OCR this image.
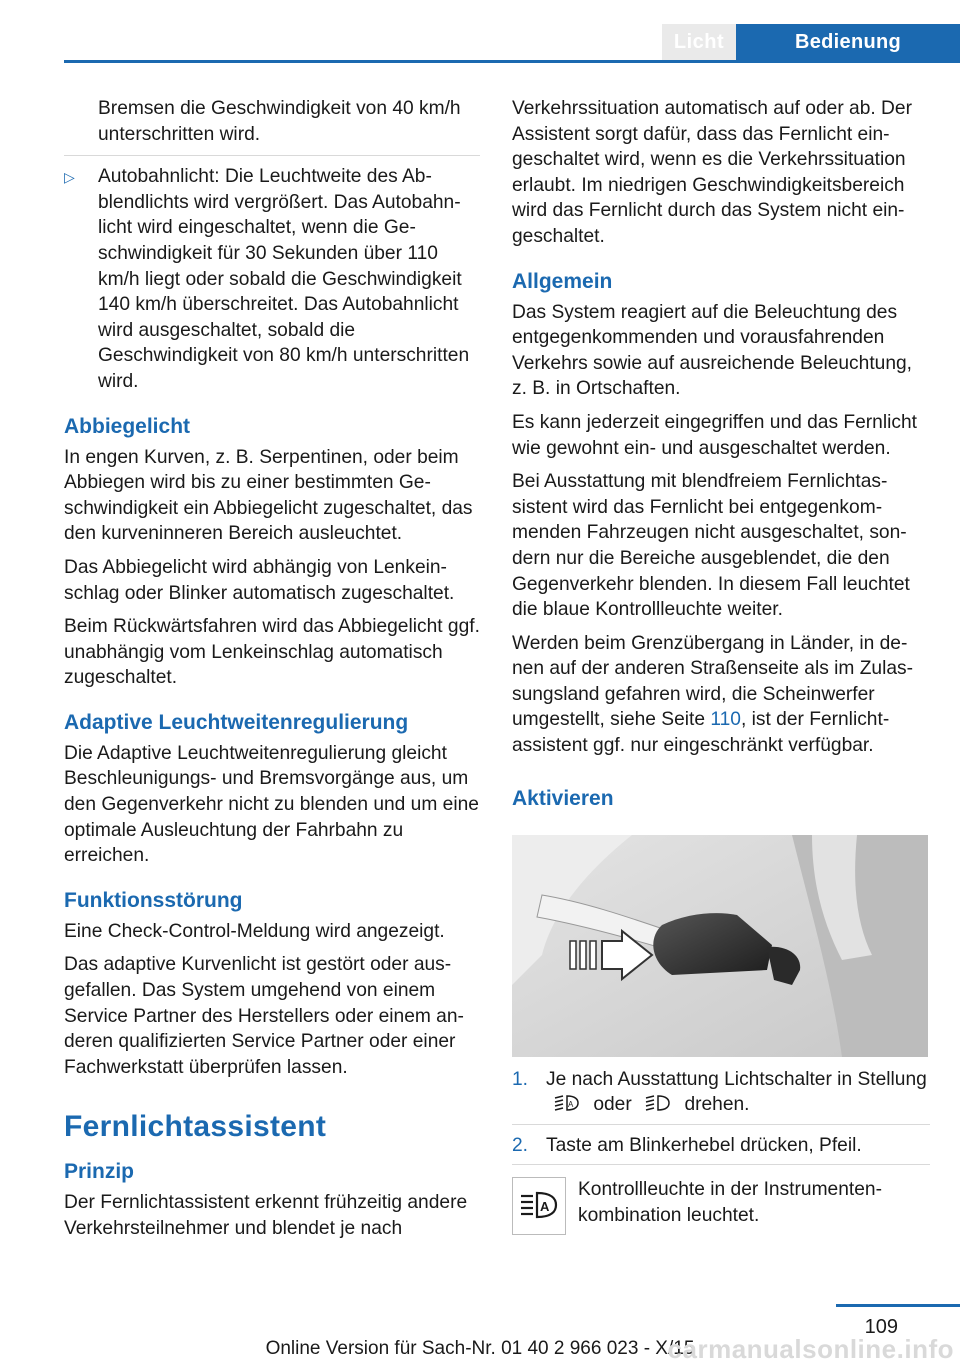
Licht	Bedienung

Bremsen die Geschwindigkeit von 40 km/h unterschritten wird.

▷ Autobahnlicht: Die Leuchtweite des Abblendlichts wird vergrößert. Das Autobahnlicht wird eingeschaltet, wenn die Geschwindigkeit für 30 Sekunden über 110 km/h liegt oder sobald die Geschwindigkeit 140 km/h überschreitet. Das Autobahnlicht wird ausgeschaltet, sobald die Geschwindigkeit von 80 km/h unterschritten wird.
Abbiegelicht

In engen Kurven, z. B. Serpentinen, oder beim Abbiegen wird bis zu einer bestimmten Geschwindigkeit ein Abbiegelicht zugeschaltet, das den kurveninneren Bereich ausleuchtet.

Das Abbiegelicht wird abhängig von Lenkeinschlag oder Blinker automatisch zugeschaltet.

Beim Rückwärtsfahren wird das Abbiegelicht ggf. unabhängig vom Lenkeinschlag automatisch zugeschaltet.

Adaptive Leuchtweitenregulierung

Die Adaptive Leuchtweitenregulierung gleicht Beschleunigungs- und Bremsvorgänge aus, um den Gegenverkehr nicht zu blenden und um eine optimale Ausleuchtung der Fahrbahn zu erreichen.

Funktionsstörung

Eine Check-Control-Meldung wird angezeigt.

Das adaptive Kurvenlicht ist gestört oder ausgefallen. Das System umgehend von einem Service Partner des Herstellers oder einem anderen qualifizierten Service Partner oder einer Fachwerkstatt überprüfen lassen.

Fernlichtassistent
Prinzip

Der Fernlichtassistent erkennt frühzeitig andere Verkehrsteilnehmer und blendet je nach

Verkehrssituation automatisch auf oder ab. Der Assistent sorgt dafür, dass das Fernlicht eingeschaltet wird, wenn es die Verkehrssituation erlaubt. Im niedrigen Geschwindigkeitsbereich wird das Fernlicht durch das System nicht eingeschaltet.

Allgemein

Das System reagiert auf die Beleuchtung des entgegenkommenden und vorausfahrenden Verkehrs sowie auf ausreichende Beleuchtung, z. B. in Ortschaften.

Es kann jederzeit eingegriffen und das Fernlicht wie gewohnt ein- und ausgeschaltet werden.

Bei Ausstattung mit blendfreiem Fernlichtassistent wird das Fernlicht bei entgegenkommenden Fahrzeugen nicht ausgeschaltet, sondern nur die Bereiche ausgeblendet, die den Gegenverkehr blenden. In diesem Fall leuchtet die blaue Kontrollleuchte weiter.

Werden beim Grenzübergang in Länder, in denen auf der anderen Straßenseite als im Zulassungsland gefahren wird, die Scheinwerfer umgestellt, siehe Seite 110, ist der Fernlichtassistent ggf. nur eingeschränkt verfügbar.

Aktivieren
1. Je nach Ausstattung Lichtschalter in Stellung
A oder	drehen.
2. Taste am Blinkerhebel drücken, Pfeil.
A
Kontrollleuchte in der Instrumentenkombination leuchtet.
109
Online Version für Sach-Nr. 01 40 2 966 023 - X/15
carmanualsonline.info
